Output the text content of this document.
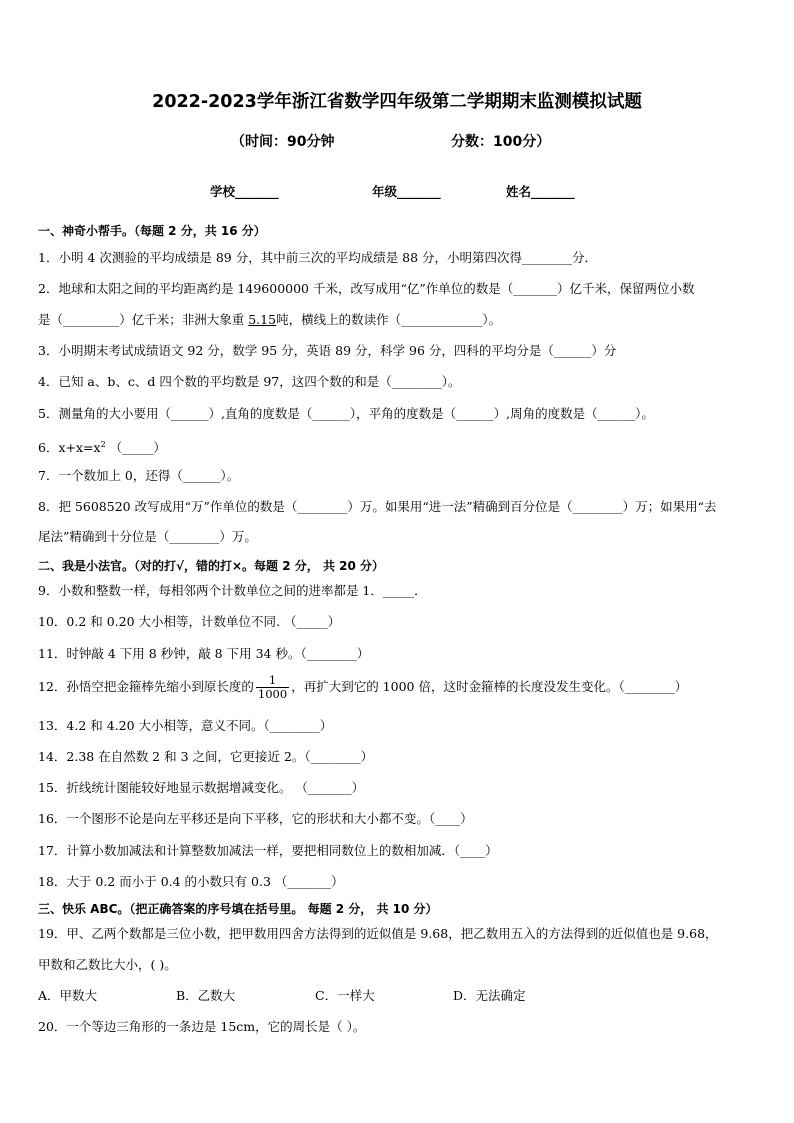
2022-2023学年浙江省数学四年级第二学期期末监测模拟试题
（时间：90分钟	分数：100分）
学校_______	年级_______	姓名_______
一、神奇小帮手。（每题 2 分，共 16 分）
1．小明 4 次测验的平均成绩是 89 分，其中前三次的平均成绩是 88 分，小明第四次得________分．
2．地球和太阳之间的平均距离约是 149600000 千米，改写成用“亿”作单位的数是（_______）亿千米，保留两位小数
是（_________）亿千米；非洲大象重 5.15吨，横线上的数读作（_____________）。
3．小明期末考试成绩语文 92 分，数学 95 分，英语 89 分，科学 96 分，四科的平均分是（______）分
4．已知 a、b、c、d 四个数的平均数是 97，这四个数的和是（________）。
5．测量角的大小要用（______）,直角的度数是（______），平角的度数是（______）,周角的度数是（______）。
6．$x+x=x^2$ （_____）
7．一个数加上 0，还得（______）。
8．把 5608520 改写成用“万”作单位的数是（________）万。如果用“进一法”精确到百分位是（________）万；如果用“去
尾法”精确到十分位是（________）万。
二、我是小法官。（对的打√，错的打×。每题 2 分， 共 20 分）
9．小数和整数一样，每相邻两个计数单位之间的进率都是 1．_____．
10．0.2 和 0.20 大小相等，计数单位不同. （_____）
11．时钟敲 4 下用 8 秒钟，敲 8 下用 34 秒。（________）
12．孙悟空把金箍棒先缩小到原长度的 $\frac{1}{1000}$ ，再扩大到它的 1000 倍，这时金箍棒的长度没发生变化。（________）
13．4.2 和 4.20 大小相等，意义不同。（________）
14．2.38 在自然数 2 和 3 之间，它更接近 2。（________）
15．折线统计图能较好地显示数据增减变化。 （_______）
16．一个图形不论是向左平移还是向下平移，它的形状和大小都不变。（____）
17．计算小数加减法和计算整数加减法一样，要把相同数位上的数相加减．（____）
18．大于 0.2 而小于 0.4 的小数只有 0.3 （_______）
三、快乐 ABC。（把正确答案的序号填在括号里。 每题 2 分， 共 10 分）
19．甲、乙两个数都是三位小数，把甲数用四舍方法得到的近似值是 9.68，把乙数用五入的方法得到的近似值也是 9.68，
甲数和乙数比大小，( )。
A．甲数大	B．乙数大	C．一样大	D．无法确定
20．一个等边三角形的一条边是 15cm，它的周长是（ ）。
